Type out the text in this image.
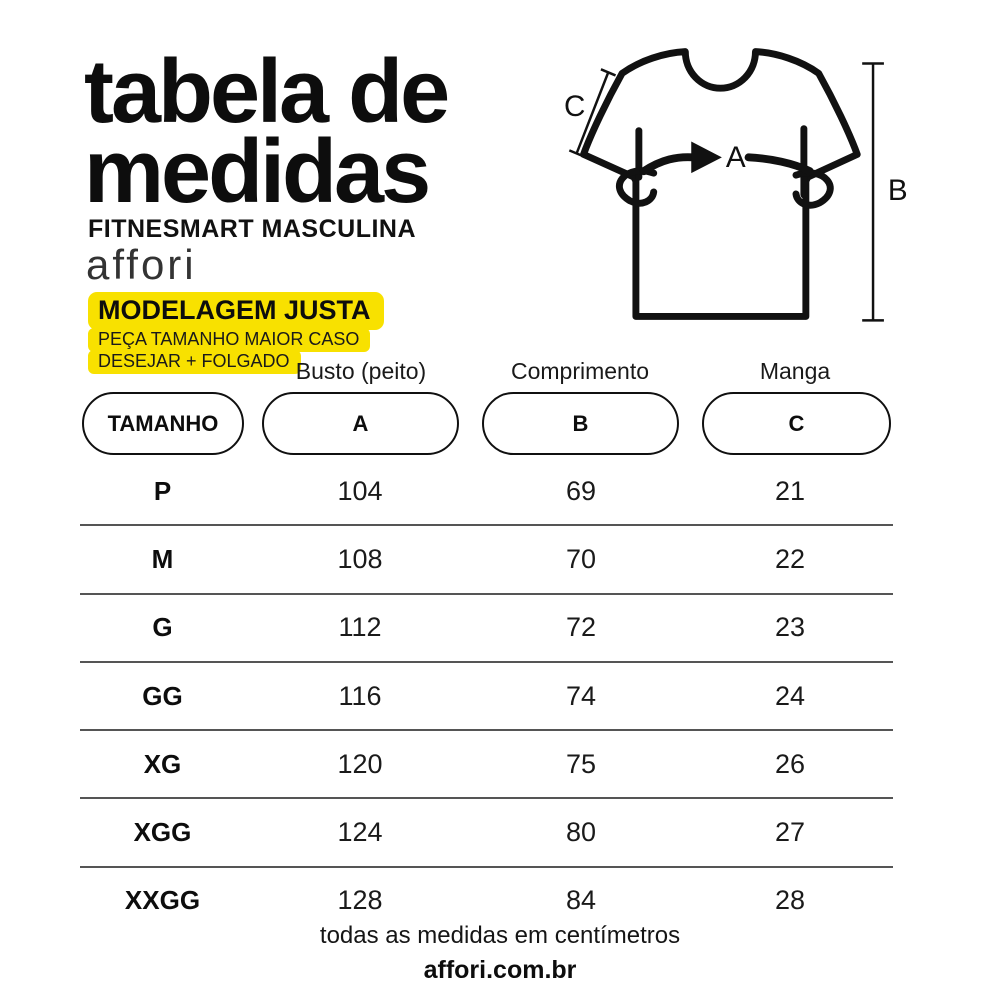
tabela de
medidas
FITNESMART MASCULINA
affori
MODELAGEM JUSTA
PEÇA TAMANHO MAIOR CASO
DESEJAR + FOLGADO
A
C
B
Busto (peito)	Comprimento	Manga
TAMANHO	A	B	C
P	104	69	21
M	108	70	22
G	112	72	23
GG	116	74	24
XG	120	75	26
XGG	124	80	27
XXGG	128	84	28
todas as medidas em centímetros
affori.com.br
